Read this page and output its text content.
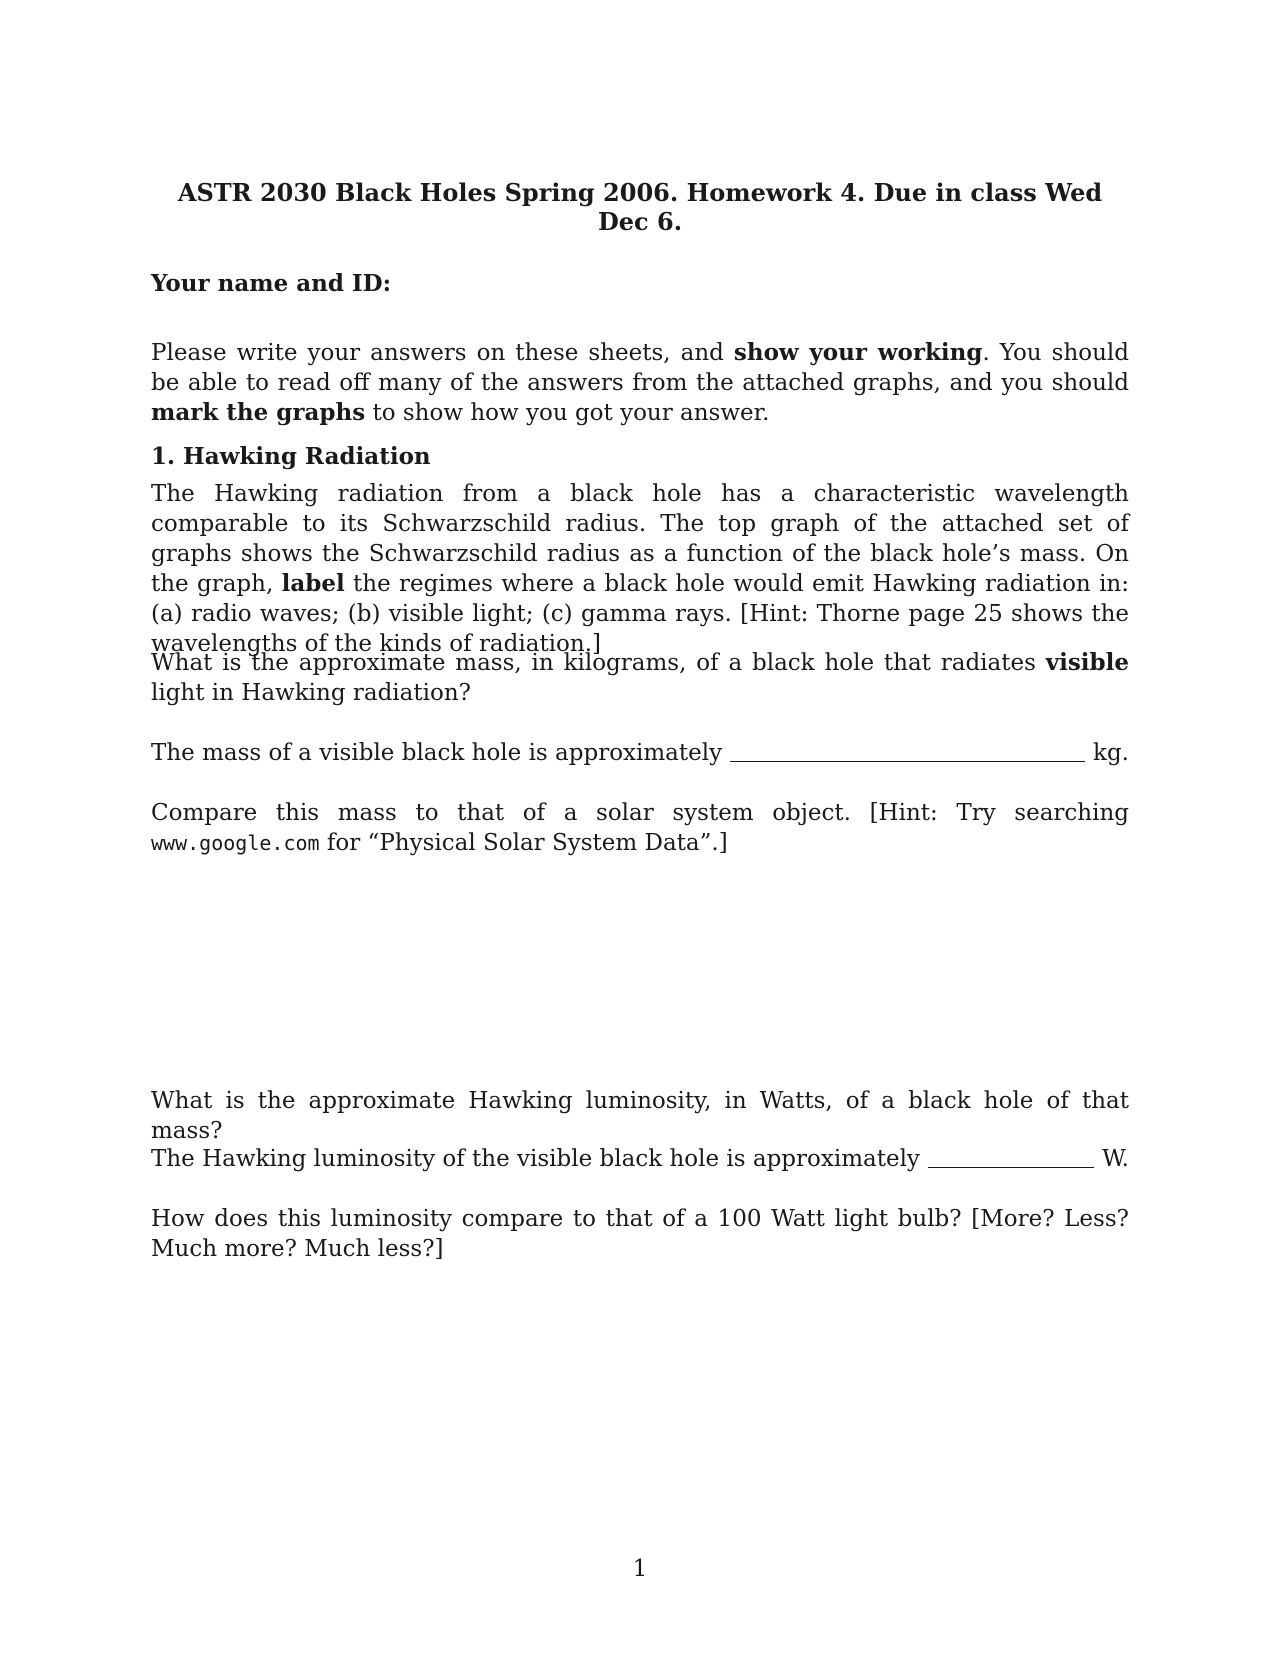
ASTR 2030 Black Holes Spring 2006. Homework 4. Due in class Wed Dec 6.
Your name and ID:
Please write your answers on these sheets, and show your working. You should be able to read off many of the answers from the attached graphs, and you should mark the graphs to show how you got your answer.
1. Hawking Radiation
The Hawking radiation from a black hole has a characteristic wavelength comparable to its Schwarzschild radius. The top graph of the attached set of graphs shows the Schwarzschild radius as a function of the black hole’s mass. On the graph, label the regimes where a black hole would emit Hawking radiation in: (a) radio waves; (b) visible light; (c) gamma rays. [Hint: Thorne page 25 shows the wavelengths of the kinds of radiation.]
What is the approximate mass, in kilograms, of a black hole that radiates visible light in Hawking radiation?
The mass of a visible black hole is approximately	kg.
Compare this mass to that of a solar system object. [Hint: Try searching www.google.com for “Physical Solar System Data”.]
What is the approximate Hawking luminosity, in Watts, of a black hole of that mass?
The Hawking luminosity of the visible black hole is approximately	W.
How does this luminosity compare to that of a 100 Watt light bulb? [More? Less? Much more? Much less?]
1
